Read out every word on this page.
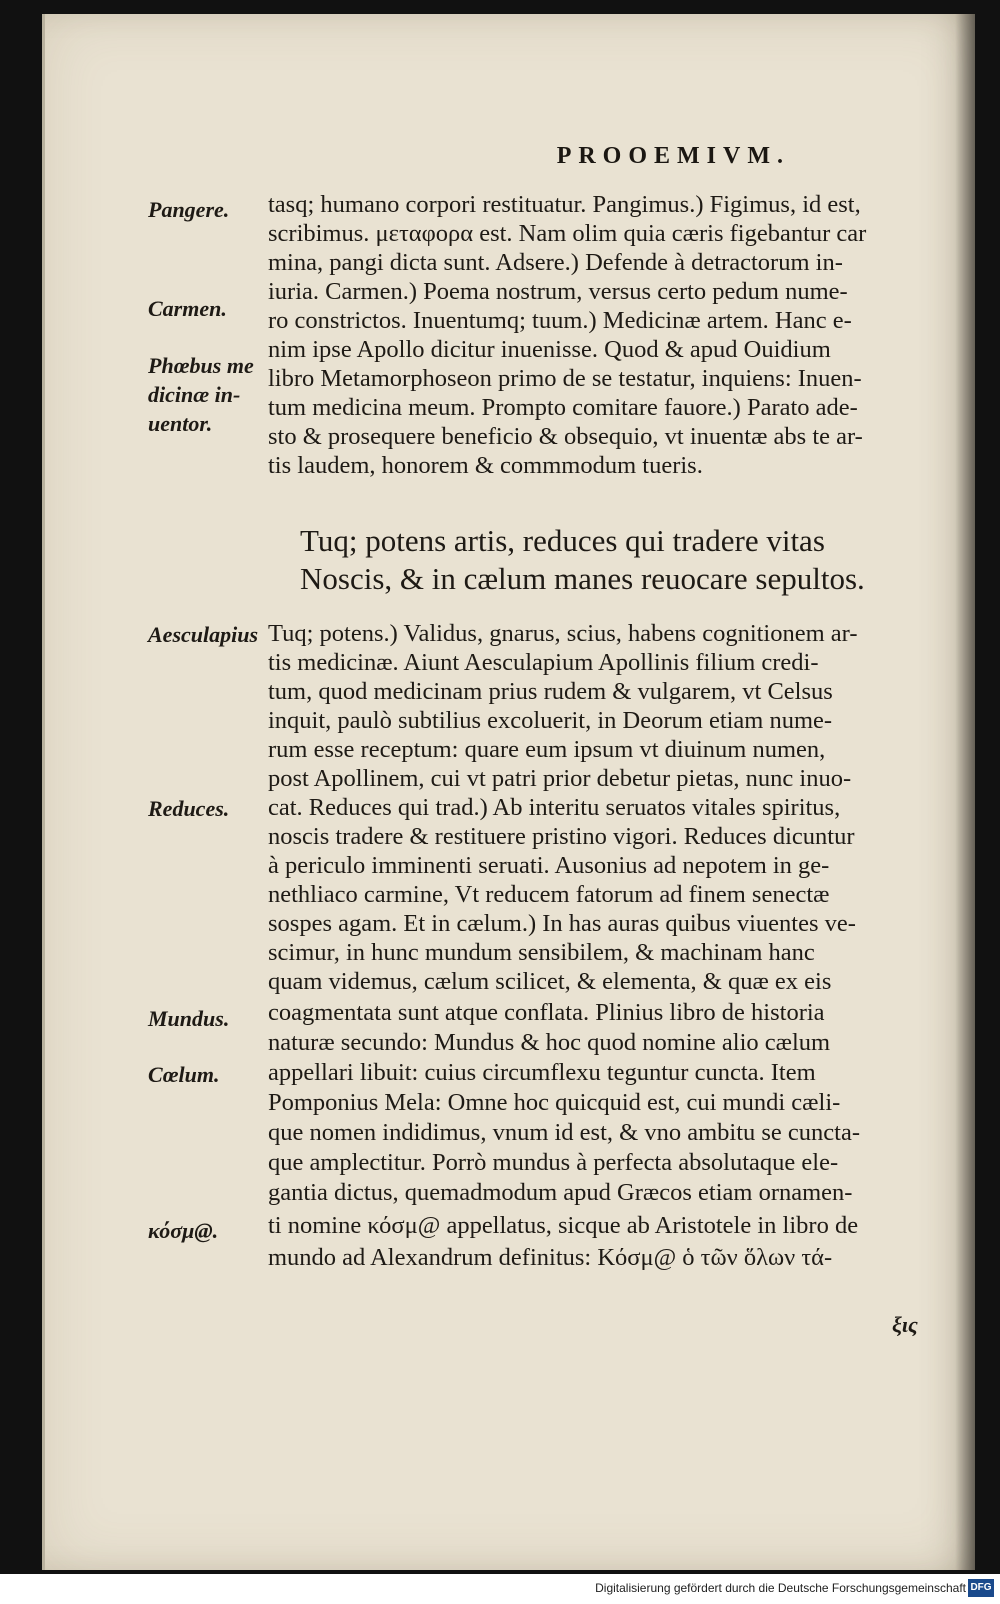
PROOEMIVM.
Pangere.
Carmen.
Phœbus me
dicinæ in-
uentor.
Aesculapius
Reduces.
Mundus.
Cœlum.
κόσμ@.
tasq; humano corpori restituatur. Pangimus.) Figimus, id est,
scribimus. μεταφορα est. Nam olim quia cæris figebantur car
mina, pangi dicta sunt. Adsere.) Defende à detractorum in-
iuria. Carmen.) Poema nostrum, versus certo pedum nume-
ro constrictos. Inuentumq; tuum.) Medicinæ artem. Hanc e-
nim ipse Apollo dicitur inuenisse. Quod & apud Ouidium
libro Metamorphoseon primo de se testatur, inquiens: Inuen-
tum medicina meum. Prompto comitare fauore.) Parato ade-
sto & prosequere beneficio & obsequio, vt inuentæ abs te ar-
tis laudem, honorem & commmodum tueris.
Tuq; potens artis, reduces qui tradere vitas
Noscis, & in cælum manes reuocare sepultos.
Tuq; potens.) Validus, gnarus, scius, habens cognitionem ar-
tis medicinæ. Aiunt Aesculapium Apollinis filium credi-
tum, quod medicinam prius rudem & vulgarem, vt Celsus
inquit, paulò subtilius excoluerit, in Deorum etiam nume-
rum esse receptum: quare eum ipsum vt diuinum numen,
post Apollinem, cui vt patri prior debetur pietas, nunc inuo-
cat. Reduces qui trad.) Ab interitu seruatos vitales spiritus,
noscis tradere & restituere pristino vigori. Reduces dicuntur
à periculo imminenti seruati. Ausonius ad nepotem in ge-
nethliaco carmine, Vt reducem fatorum ad finem senectæ
sospes agam. Et in cælum.) In has auras quibus viuentes ve-
scimur, in hunc mundum sensibilem, & machinam hanc
quam videmus, cælum scilicet, & elementa, & quæ ex eis
coagmentata sunt atque conflata. Plinius libro de historia
naturæ secundo: Mundus & hoc quod nomine alio cælum
appellari libuit: cuius circumflexu teguntur cuncta. Item
Pomponius Mela: Omne hoc quicquid est, cui mundi cæli-
que nomen indidimus, vnum id est, & vno ambitu se cuncta-
que amplectitur. Porrò mundus à perfecta absolutaque ele-
gantia dictus, quemadmodum apud Græcos etiam ornamen-
ti nomine κόσμ@ appellatus, sicque ab Aristotele in libro de
mundo ad Alexandrum definitus: Κόσμ@ ὁ τῶν ὅλων τά-
ξις
Digitalisierung gefördert durch die Deutsche Forschungsgemeinschaft DFG
